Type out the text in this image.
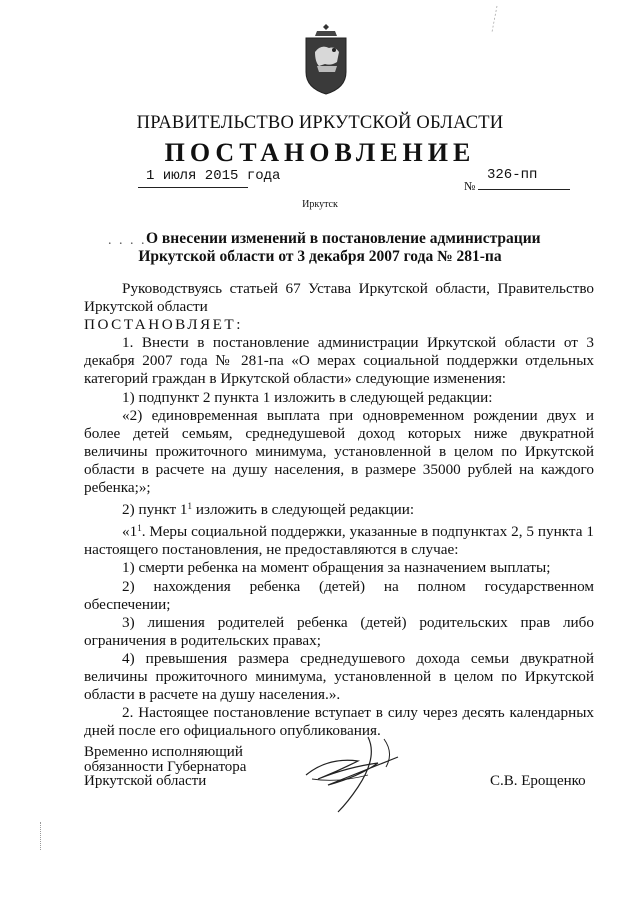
ПРАВИТЕЛЬСТВО ИРКУТСКОЙ ОБЛАСТИ
ПОСТАНОВЛЕНИЕ
1 июля 2015 года
№
326-пп
Иркутск
. . . . О внесении изменений в постановление администрации
Иркутской области от 3 декабря 2007 года № 281-па

Руководствуясь статьей 67 Устава Иркутской области, Правительство

Иркутской области

ПОСТАНОВЛЯЕТ:

1. Внести в постановление администрации Иркутской области от 3 декабря 2007 года № 281-па «О мерах социальной поддержки отдельных категорий граждан в Иркутской области» следующие изменения:

1) подпункт 2 пункта 1 изложить в следующей редакции:

«2) единовременная выплата при одновременном рождении двух и более детей семьям, среднедушевой доход которых ниже двукратной величины прожиточного минимума, установленной в целом по Иркутской области в расчете на душу населения, в размере 35000 рублей на каждого ребенка;»;

2) пункт $1^1$ изложить в следующей редакции:

«$1^1$. Меры социальной поддержки, указанные в подпунктах 2, 5 пункта 1 настоящего постановления, не предоставляются в случае:

1) смерти ребенка на момент обращения за назначением выплаты;

2) нахождения ребенка (детей) на полном государственном обеспечении;

3) лишения родителей ребенка (детей) родительских прав либо ограничения в родительских правах;

4) превышения размера среднедушевого дохода семьи двукратной величины прожиточного минимума, установленной в целом по Иркутской области в расчете на душу населения.».

2. Настоящее постановление вступает в силу через десять календарных дней после его официального опубликования.

Временно исполняющий
обязанности Губернатора
Иркутской области	С.В. Ерощенко
